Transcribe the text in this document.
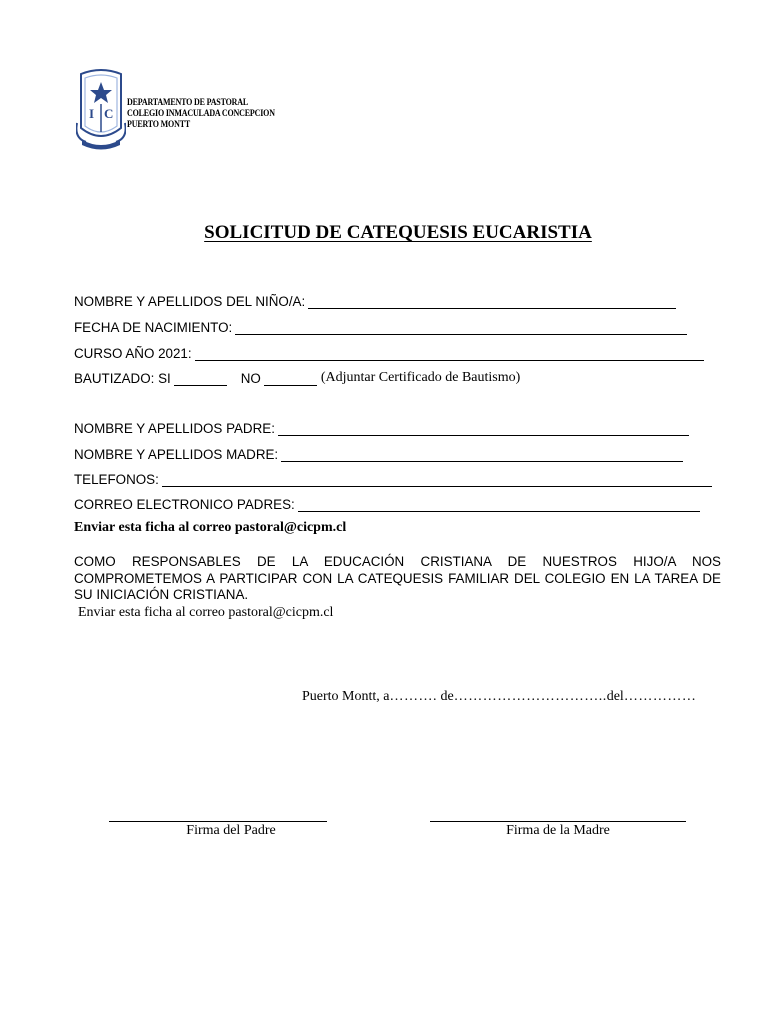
I C
DEPARTAMENTO DE PASTORAL
COLEGIO INMACULADA CONCEPCION
PUERTO MONTT
SOLICITUD DE CATEQUESIS EUCARISTIA
NOMBRE Y APELLIDOS DEL NIÑO/A:
FECHA DE NACIMIENTO:
CURSO AÑO 2021:
BAUTIZADO: SI	NO	(Adjuntar Certificado de Bautismo)
NOMBRE Y APELLIDOS PADRE:
NOMBRE Y APELLIDOS MADRE:
TELEFONOS:
CORREO ELECTRONICO PADRES:
Enviar esta ficha al correo pastoral@cicpm.cl
COMO RESPONSABLES DE LA EDUCACIÓN CRISTIANA DE NUESTROS HIJO/A NOS COMPROMETEMOS A PARTICIPAR CON LA CATEQUESIS FAMILIAR DEL COLEGIO EN LA TAREA DE SU INICIACIÓN CRISTIANA.
Enviar esta ficha al correo pastoral@cicpm.cl
Puerto Montt, a………. de…………………………..del……………
Firma del Padre	Firma de la Madre
